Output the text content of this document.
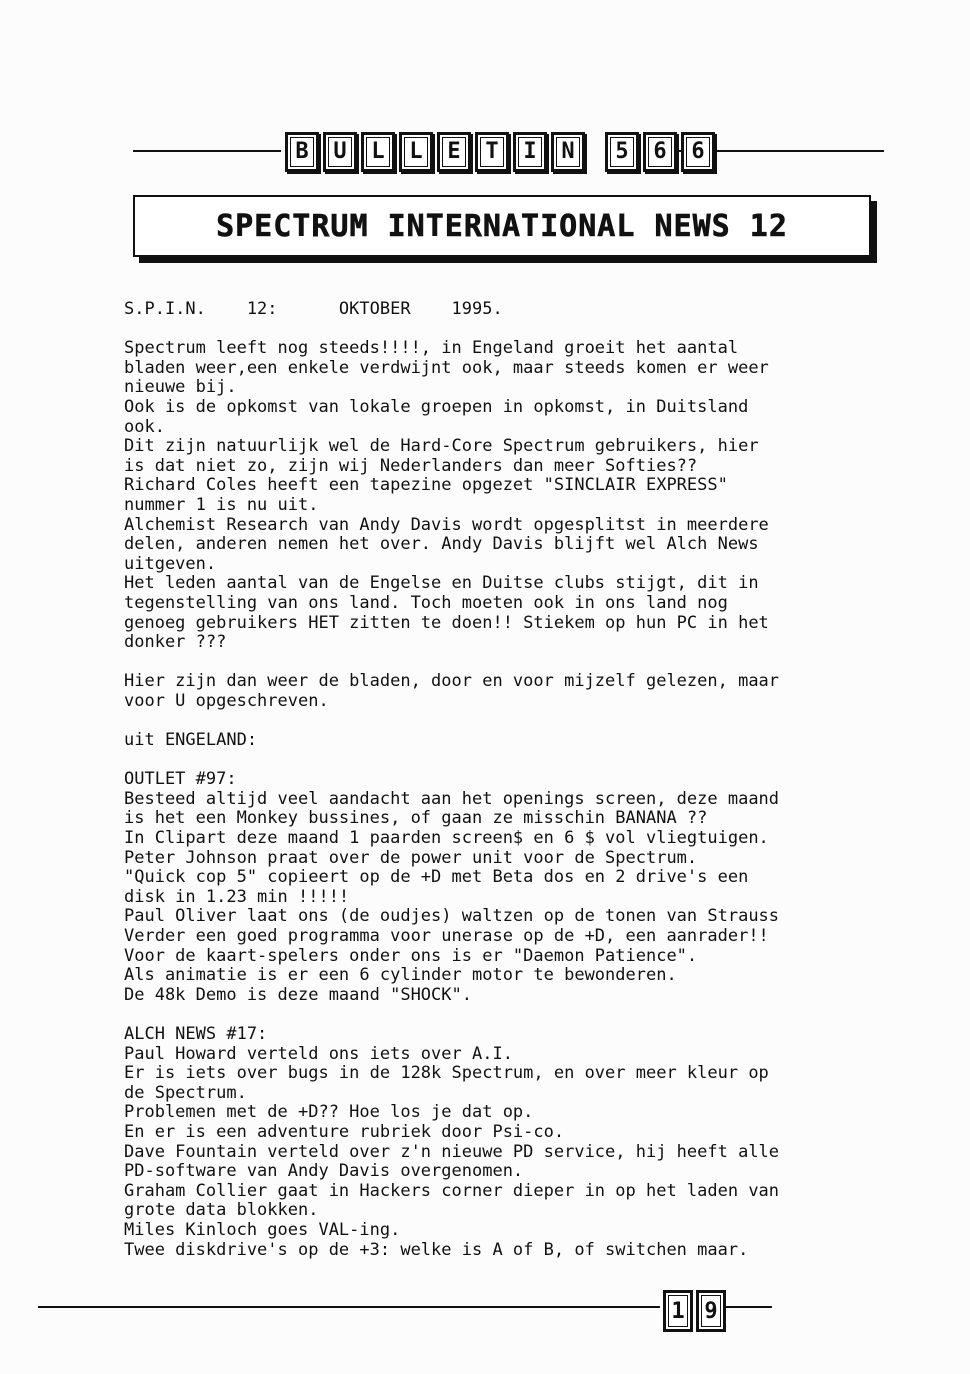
B	U	L	L	E	T	I	N	5	6	6
SPECTRUM INTERNATIONAL NEWS 12
S.P.I.N.    12:      OKTOBER    1995.
Spectrum leeft nog steeds!!!!, in Engeland groeit het aantal
bladen weer,een enkele verdwijnt ook, maar steeds komen er weer
nieuwe bij.
Ook is de opkomst van lokale groepen in opkomst, in Duitsland
ook.
Dit zijn natuurlijk wel de Hard-Core Spectrum gebruikers, hier
is dat niet zo, zijn wij Nederlanders dan meer Softies??
Richard Coles heeft een tapezine opgezet "SINCLAIR EXPRESS"
nummer 1 is nu uit.
Alchemist Research van Andy Davis wordt opgesplitst in meerdere
delen, anderen nemen het over. Andy Davis blijft wel Alch News
uitgeven.
Het leden aantal van de Engelse en Duitse clubs stijgt, dit in
tegenstelling van ons land. Toch moeten ook in ons land nog
genoeg gebruikers HET zitten te doen!! Stiekem op hun PC in het
donker ???
Hier zijn dan weer de bladen, door en voor mijzelf gelezen, maar
voor U opgeschreven.
uit ENGELAND:
OUTLET #97:
Besteed altijd veel aandacht aan het openings screen, deze maand
is het een Monkey bussines, of gaan ze misschin BANANA ??
In Clipart deze maand 1 paarden screen$ en 6 $ vol vliegtuigen.
Peter Johnson praat over de power unit voor de Spectrum.
"Quick cop 5" copieert op de +D met Beta dos en 2 drive's een
disk in 1.23 min !!!!!
Paul Oliver laat ons (de oudjes) waltzen op de tonen van Strauss
Verder een goed programma voor unerase op de +D, een aanrader!!
Voor de kaart-spelers onder ons is er "Daemon Patience".
Als animatie is er een 6 cylinder motor te bewonderen.
De 48k Demo is deze maand "SHOCK".
ALCH NEWS #17:
Paul Howard verteld ons iets over A.I.
Er is iets over bugs in de 128k Spectrum, en over meer kleur op
de Spectrum.
Problemen met de +D?? Hoe los je dat op.
En er is een adventure rubriek door Psi-co.
Dave Fountain verteld over z'n nieuwe PD service, hij heeft alle
PD-software van Andy Davis overgenomen.
Graham Collier gaat in Hackers corner dieper in op het laden van
grote data blokken.
Miles Kinloch goes VAL-ing.
Twee diskdrive's op de +3: welke is A of B, of switchen maar.
1 9
